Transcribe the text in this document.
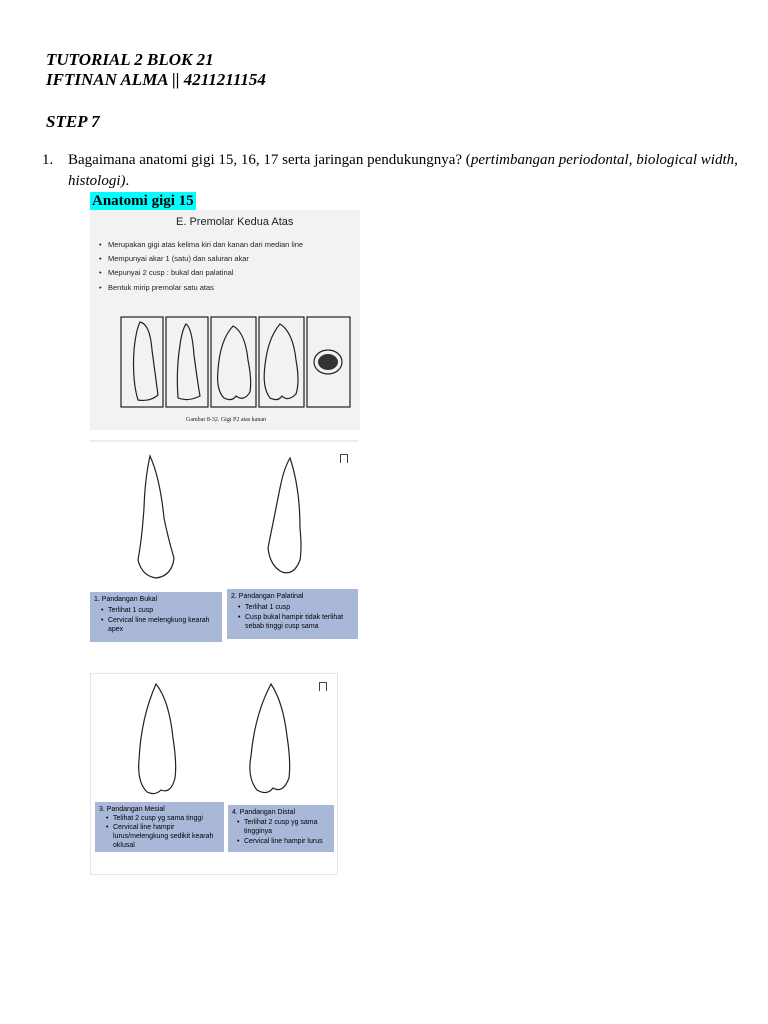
TUTORIAL 2 BLOK 21
IFTINAN ALMA || 4211211154
STEP 7
1. Bagaimana anatomi gigi 15, 16, 17 serta jaringan pendukungnya? (pertimbangan periodontal, biological width, histologi).
Anatomi gigi 15
E. Premolar Kedua Atas
• Merupakan gigi atas kelima kiri dan kanan dari median line
• Mempunyai akar 1 (satu) dan saluran akar
• Mepunyai 2 cusp : bukal dan palatinal
• Bentuk mirip premolar satu atas
Gambar 8-32. Gigi P2 atas kanan
1. Pandangan Bukal
• Terlihat 1 cusp
• Cervical line melengkung kearah apex
2. Pandangan Palatinal
• Terlihat 1 cusp
• Cusp bukal hampir tidak terlihat sebab tinggi cusp sama
3. Pandangan Mesial
• Telihat 2 cusp yg sama tinggi
• Cervical line hampir lurus/melengkung sedikit kearah oklusal
4. Pandangan Distal
• Terlihat 2 cusp yg sama tingginya
• Cervical line hampir lurus
